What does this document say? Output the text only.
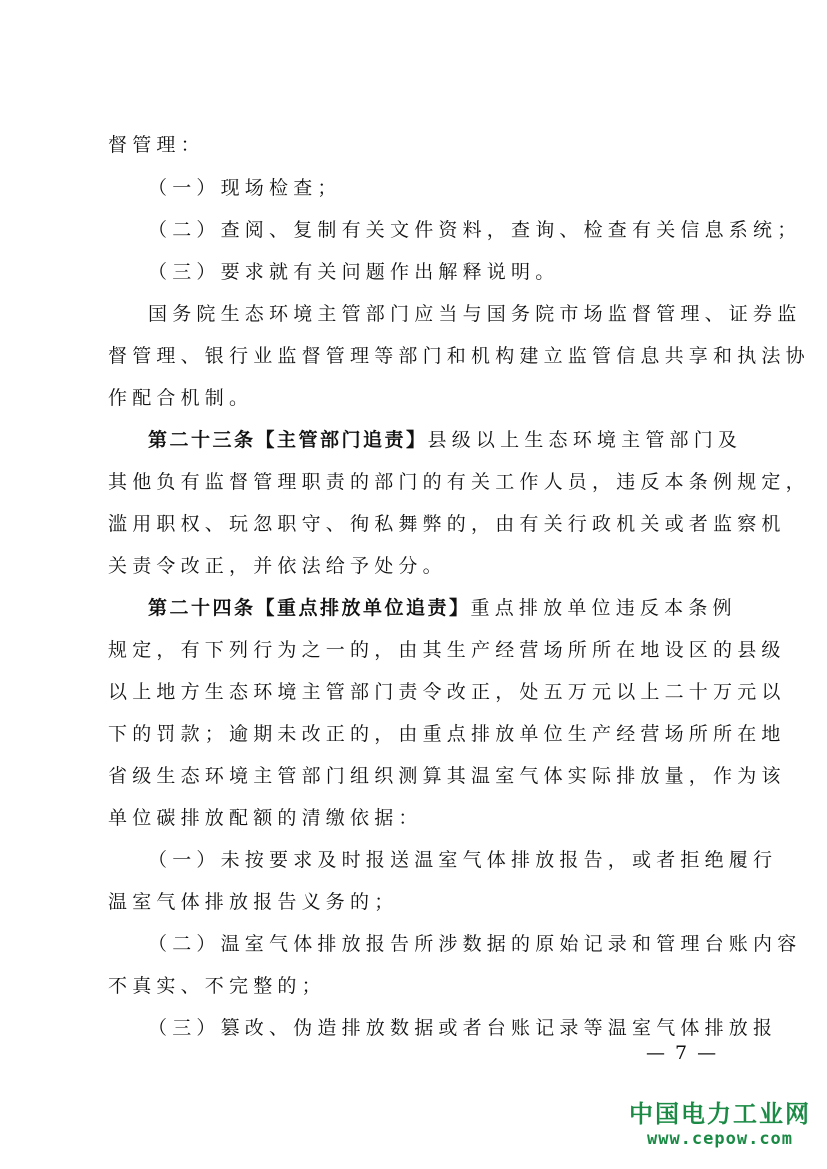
督管理：
（一）现场检查；
（二）查阅、复制有关文件资料，查询、检查有关信息系统；
（三）要求就有关问题作出解释说明。
国务院生态环境主管部门应当与国务院市场监督管理、证券监
督管理、银行业监督管理等部门和机构建立监管信息共享和执法协
作配合机制。
第二十三条【主管部门追责】县级以上生态环境主管部门及
其他负有监督管理职责的部门的有关工作人员，违反本条例规定，
滥用职权、玩忽职守、徇私舞弊的，由有关行政机关或者监察机
关责令改正，并依法给予处分。
第二十四条【重点排放单位追责】重点排放单位违反本条例
规定，有下列行为之一的，由其生产经营场所所在地设区的县级
以上地方生态环境主管部门责令改正，处五万元以上二十万元以
下的罚款；逾期未改正的，由重点排放单位生产经营场所所在地
省级生态环境主管部门组织测算其温室气体实际排放量，作为该
单位碳排放配额的清缴依据：
（一）未按要求及时报送温室气体排放报告，或者拒绝履行
温室气体排放报告义务的；
（二）温室气体排放报告所涉数据的原始记录和管理台账内容
不真实、不完整的；
（三）篡改、伪造排放数据或者台账记录等温室气体排放报
— 7 —
中国电力工业网
www.cepow.com
